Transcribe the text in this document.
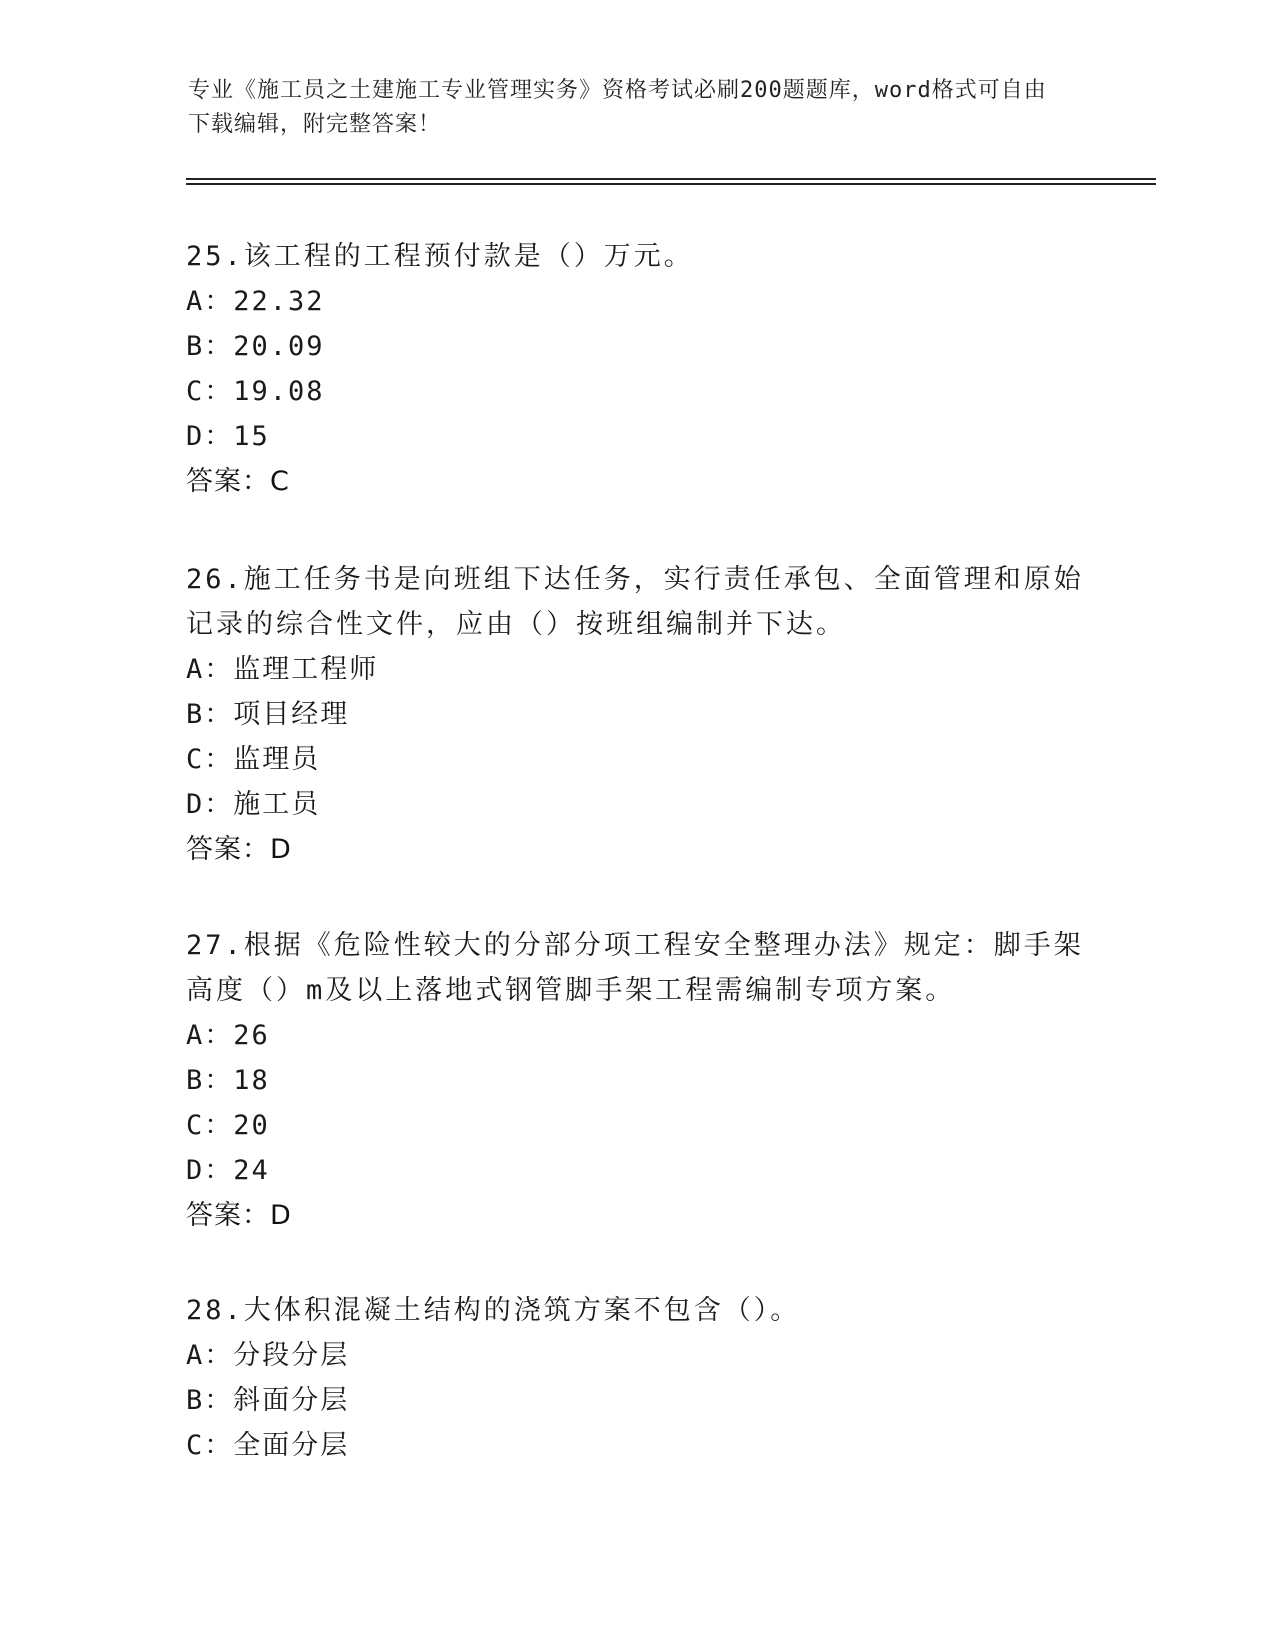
专业《施工员之土建施工专业管理实务》资格考试必刷200题题库，word格式可自由下载编辑，附完整答案！

25.该工程的工程预付款是（）万元。

A：22.32

B：20.09

C：19.08

D：15

答案：C

26.施工任务书是向班组下达任务，实行责任承包、全面管理和原始记录的综合性文件，应由（）按班组编制并下达。

A：监理工程师

B：项目经理

C：监理员

D：施工员

答案：D

27.根据《危险性较大的分部分项工程安全整理办法》规定：脚手架高度（）m及以上落地式钢管脚手架工程需编制专项方案。

A：26

B：18

C：20

D：24

答案：D

28.大体积混凝土结构的浇筑方案不包含（）。

A：分段分层

B：斜面分层

C：全面分层
